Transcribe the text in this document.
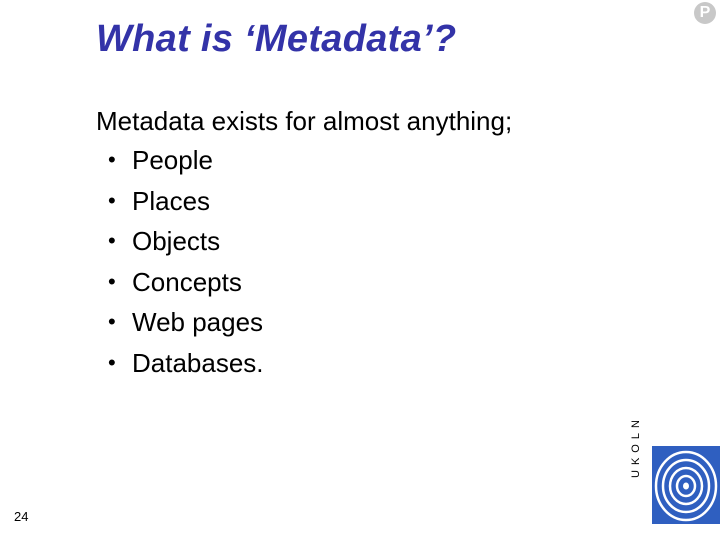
P
What is ‘Metadata’?
Metadata exists for almost anything;
• People
• Places
• Objects
• Concepts
• Web pages
• Databases.
24
UKOLN
